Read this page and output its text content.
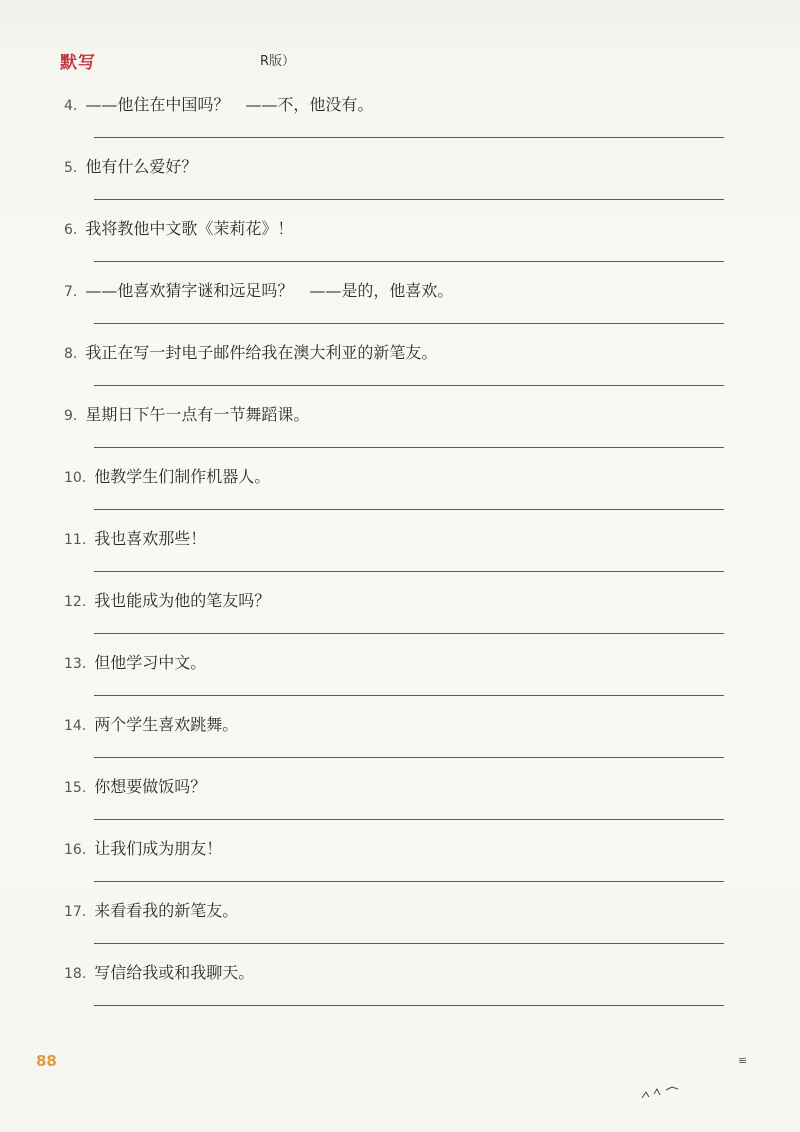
默写	R版）
4. ——他住在中国吗？　——不，他没有。
5. 他有什么爱好？
6. 我将教他中文歌《茉莉花》！
7. ——他喜欢猜字谜和远足吗？　——是的，他喜欢。
8. 我正在写一封电子邮件给我在澳大利亚的新笔友。
9. 星期日下午一点有一节舞蹈课。
10. 他教学生们制作机器人。
11. 我也喜欢那些！
12. 我也能成为他的笔友吗？
13. 但他学习中文。
14. 两个学生喜欢跳舞。
15. 你想要做饭吗？
16. 让我们成为朋友！
17. 来看看我的新笔友。
18. 写信给我或和我聊天。
88	≌
